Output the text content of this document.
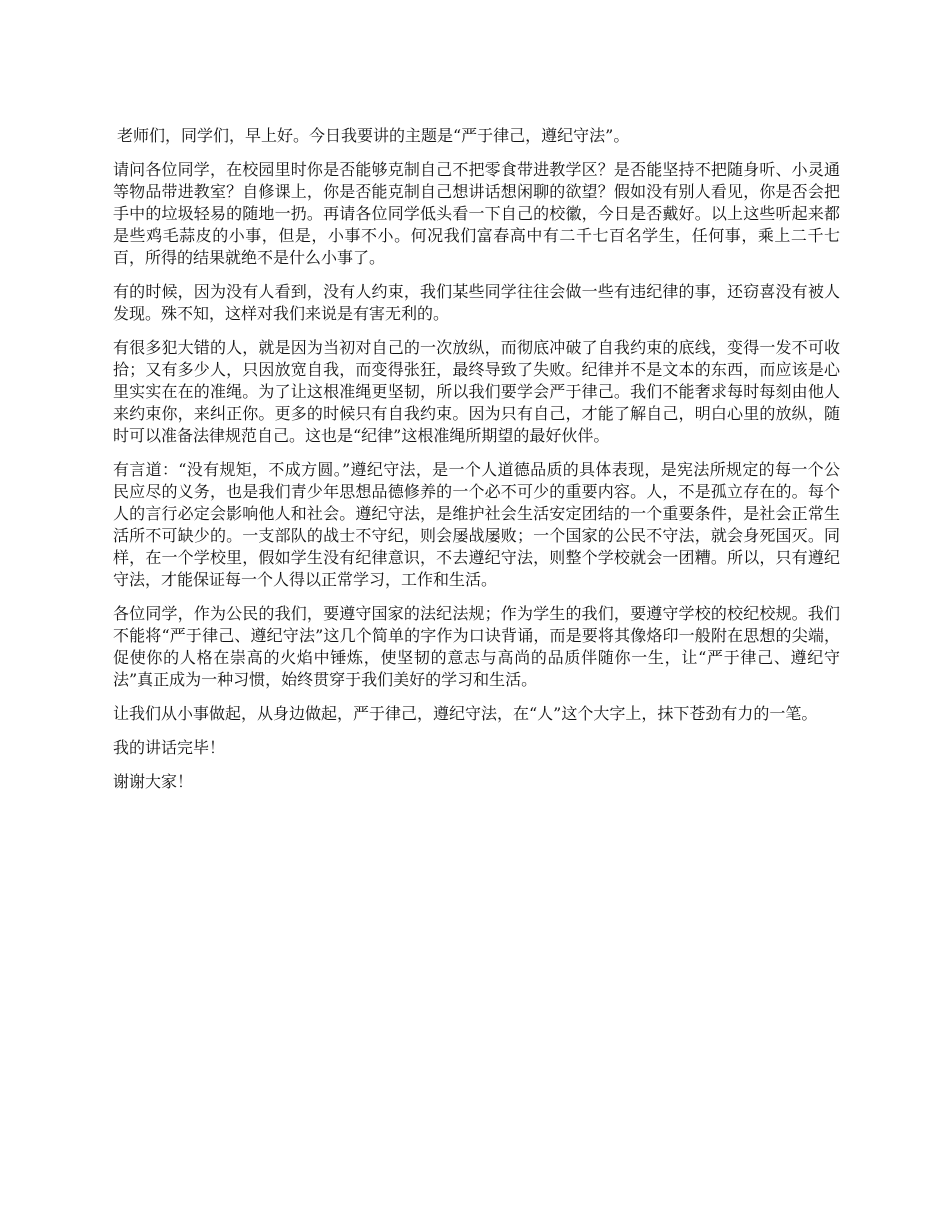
老师们，同学们，早上好。今日我要讲的主题是“严于律己，遵纪守法”。

请问各位同学，在校园里时你是否能够克制自己不把零食带进教学区？是否能坚持不把随身听、小灵通等物品带进教室？自修课上，你是否能克制自己想讲话想闲聊的欲望？假如没有别人看见，你是否会把手中的垃圾轻易的随地一扔。再请各位同学低头看一下自己的校徽，今日是否戴好。以上这些听起来都是些鸡毛蒜皮的小事，但是，小事不小。何况我们富春高中有二千七百名学生，任何事，乘上二千七百，所得的结果就绝不是什么小事了。

有的时候，因为没有人看到，没有人约束，我们某些同学往往会做一些有违纪律的事，还窃喜没有被人发现。殊不知，这样对我们来说是有害无利的。

有很多犯大错的人，就是因为当初对自己的一次放纵，而彻底冲破了自我约束的底线，变得一发不可收拾；又有多少人，只因放宽自我，而变得张狂，最终导致了失败。纪律并不是文本的东西，而应该是心里实实在在的准绳。为了让这根准绳更坚韧，所以我们要学会严于律己。我们不能奢求每时每刻由他人来约束你，来纠正你。更多的时候只有自我约束。因为只有自己，才能了解自己，明白心里的放纵，随时可以准备法律规范自己。这也是“纪律”这根准绳所期望的最好伙伴。

有言道：“没有规矩，不成方圆。”遵纪守法，是一个人道德品质的具体表现，是宪法所规定的每一个公民应尽的义务，也是我们青少年思想品德修养的一个必不可少的重要内容。人，不是孤立存在的。每个人的言行必定会影响他人和社会。遵纪守法，是维护社会生活安定团结的一个重要条件，是社会正常生活所不可缺少的。一支部队的战士不守纪，则会屡战屡败；一个国家的公民不守法，就会身死国灭。同样，在一个学校里，假如学生没有纪律意识，不去遵纪守法，则整个学校就会一团糟。所以，只有遵纪守法，才能保证每一个人得以正常学习，工作和生活。

各位同学，作为公民的我们，要遵守国家的法纪法规；作为学生的我们，要遵守学校的校纪校规。我们不能将“严于律己、遵纪守法”这几个简单的字作为口诀背诵，而是要将其像烙印一般附在思想的尖端，促使你的人格在崇高的火焰中锤炼，使坚韧的意志与高尚的品质伴随你一生，让“严于律己、遵纪守法”真正成为一种习惯，始终贯穿于我们美好的学习和生活。

让我们从小事做起，从身边做起，严于律己，遵纪守法，在“人”这个大字上，抹下苍劲有力的一笔。

我的讲话完毕！

谢谢大家！
